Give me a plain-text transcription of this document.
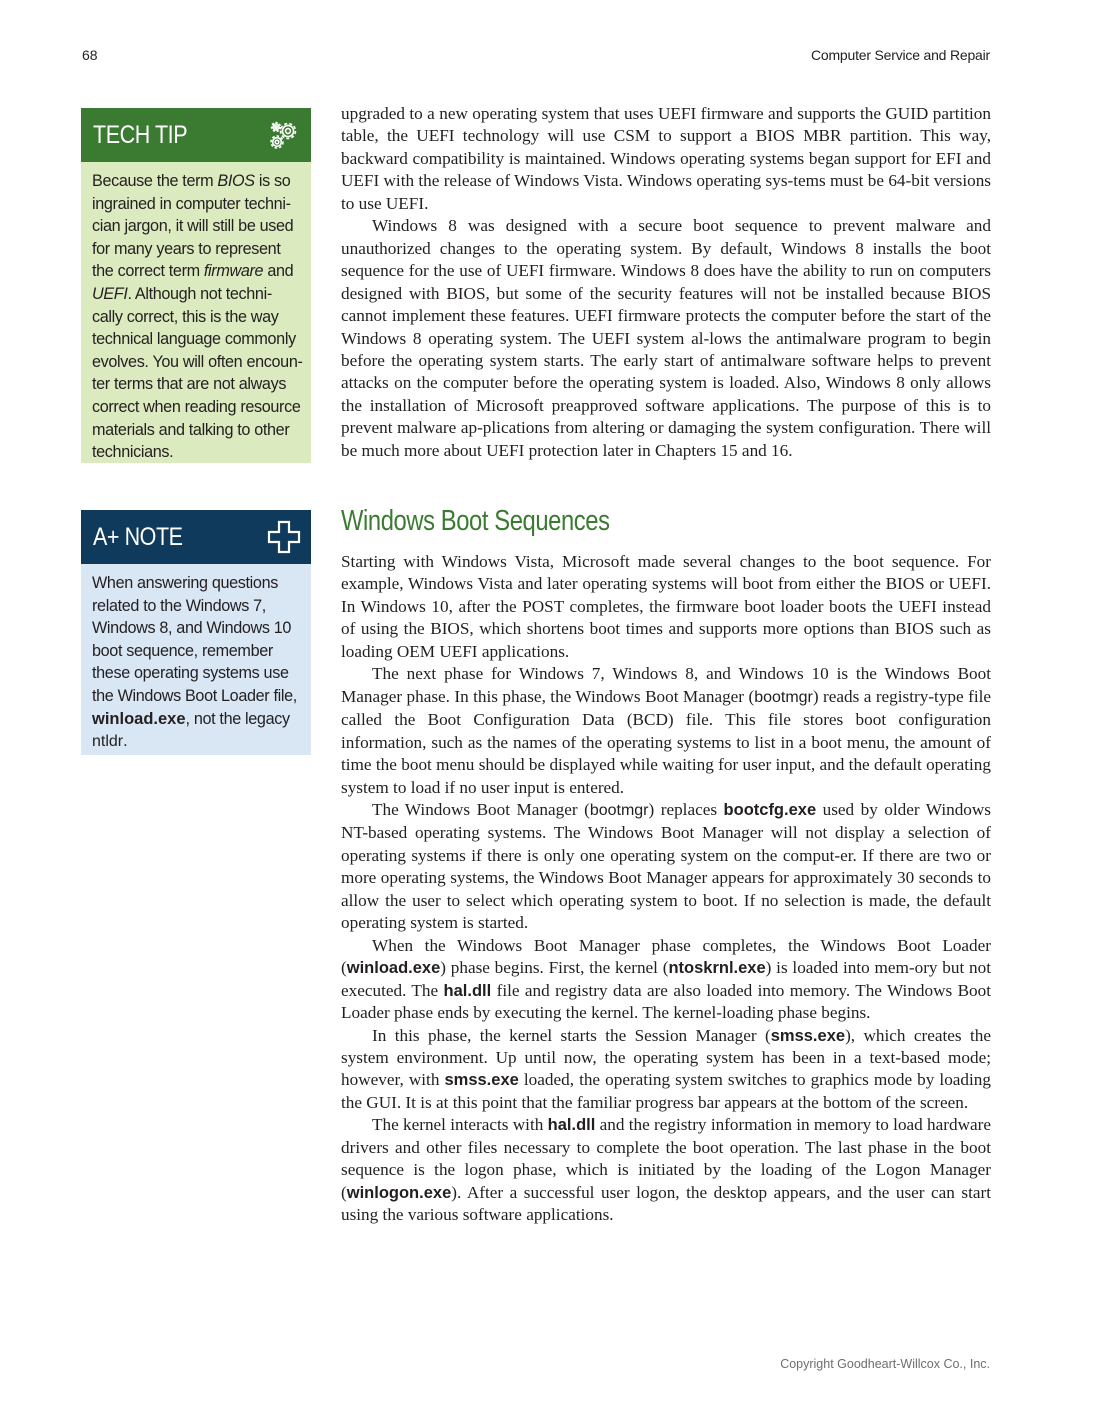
68	Computer Service and Repair
TECH TIP
Because the term BIOS is so
ingrained in computer techni-
cian jargon, it will still be used
for many years to represent
the correct term firmware and
UEFI. Although not techni-
cally correct, this is the way
technical language commonly
evolves. You will often encoun-
ter terms that are not always
correct when reading resource
materials and talking to other
technicians.
A+ NOTE
When answering questions
related to the Windows 7,
Windows 8, and Windows 10
boot sequence, remember
these operating systems use
the Windows Boot Loader file,
winload.exe, not the legacy
ntldr.

upgraded to a new operating system that uses UEFI firmware and supports the GUID partition table, the UEFI technology will use CSM to support a BIOS MBR partition. This way, backward compatibility is maintained. Windows operating systems began support for EFI and UEFI with the release of Windows Vista. Windows operating sys-tems must be 64-bit versions to use UEFI.

Windows 8 was designed with a secure boot sequence to prevent malware and unauthorized changes to the operating system. By default, Windows 8 installs the boot sequence for the use of UEFI firmware. Windows 8 does have the ability to run on computers designed with BIOS, but some of the security features will not be installed because BIOS cannot implement these features. UEFI firmware protects the computer before the start of the Windows 8 operating system. The UEFI system al-lows the antimalware program to begin before the operating system starts. The early start of antimalware software helps to prevent attacks on the computer before the operating system is loaded. Also, Windows 8 only allows the installation of Microsoft preapproved software applications. The purpose of this is to prevent malware ap-plications from altering or damaging the system configuration. There will be much more about UEFI protection later in Chapters 15 and 16.

Windows Boot Sequences

Starting with Windows Vista, Microsoft made several changes to the boot sequence. For example, Windows Vista and later operating systems will boot from either the BIOS or UEFI. In Windows 10, after the POST completes, the firmware boot loader boots the UEFI instead of using the BIOS, which shortens boot times and supports more options than BIOS such as loading OEM UEFI applications.

The next phase for Windows 7, Windows 8, and Windows 10 is the Windows Boot Manager phase. In this phase, the Windows Boot Manager (bootmgr) reads a registry-type file called the Boot Configuration Data (BCD) file. This file stores boot configuration information, such as the names of the operating systems to list in a boot menu, the amount of time the boot menu should be displayed while waiting for user input, and the default operating system to load if no user input is entered.

The Windows Boot Manager (bootmgr) replaces bootcfg.exe used by older Windows NT-based operating systems. The Windows Boot Manager will not display a selection of operating systems if there is only one operating system on the comput-er. If there are two or more operating systems, the Windows Boot Manager appears for approximately 30 seconds to allow the user to select which operating system to boot. If no selection is made, the default operating system is started.

When the Windows Boot Manager phase completes, the Windows Boot Loader (winload.exe) phase begins. First, the kernel (ntoskrnl.exe) is loaded into mem-ory but not executed. The hal.dll file and registry data are also loaded into memory. The Windows Boot Loader phase ends by executing the kernel. The kernel-loading phase begins.

In this phase, the kernel starts the Session Manager (smss.exe), which creates the system environment. Up until now, the operating system has been in a text-based mode; however, with smss.exe loaded, the operating system switches to graphics mode by loading the GUI. It is at this point that the familiar progress bar appears at the bottom of the screen.

The kernel interacts with hal.dll and the registry information in memory to load hardware drivers and other files necessary to complete the boot operation. The last phase in the boot sequence is the logon phase, which is initiated by the loading of the Logon Manager (winlogon.exe). After a successful user logon, the desktop appears, and the user can start using the various software applications.

Copyright Goodheart-Willcox Co., Inc.
